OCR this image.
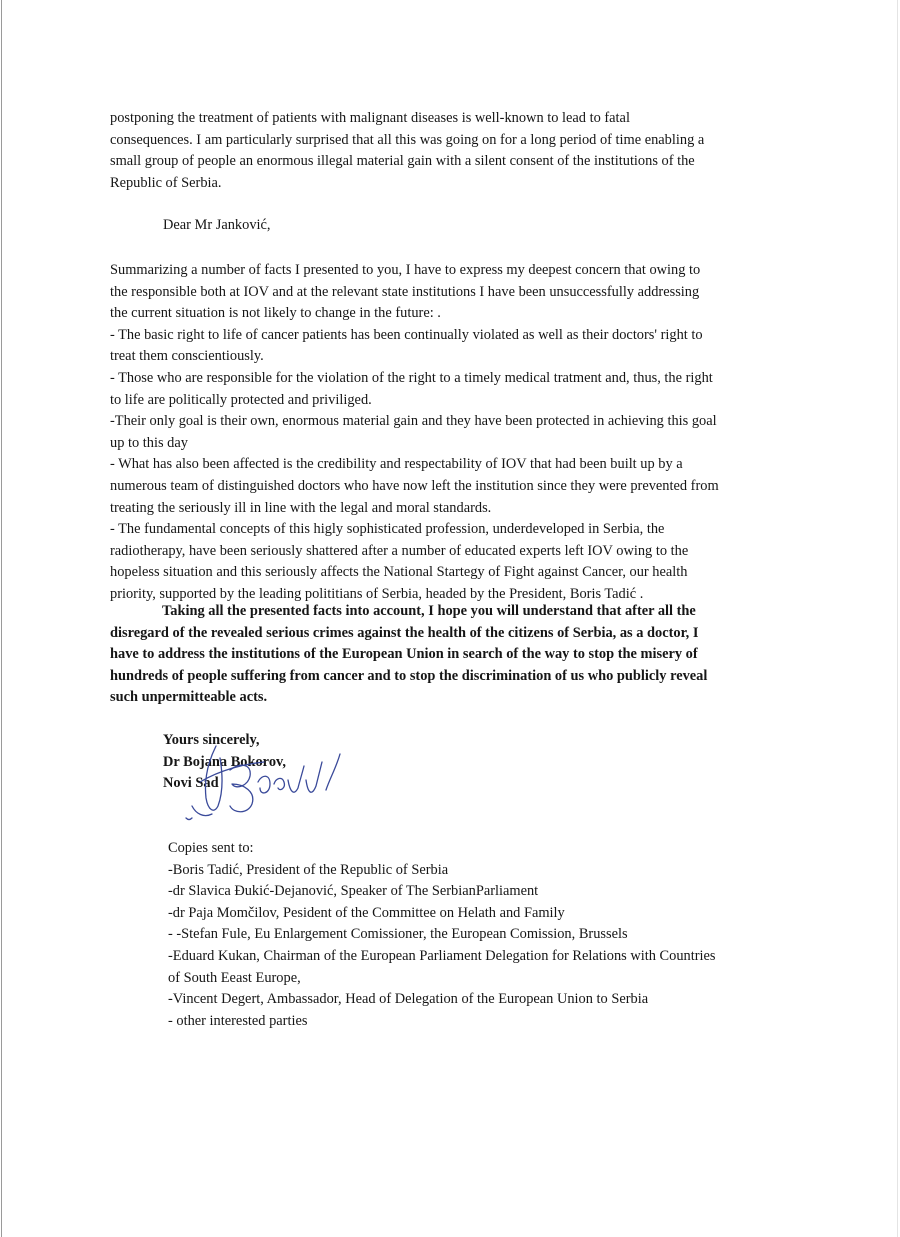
postponing the treatment of patients with malignant diseases is well-known to lead to fatal
consequences. I am particularly surprised that all this was going on for a long period of time enabling a
small group of people an enormous illegal material gain with a silent consent of the institutions of the
Republic of Serbia.
Dear Mr Janković,
Summarizing a number of facts I presented to you, I have to express my deepest concern that owing to
the responsible both at IOV and at the relevant state institutions I have been unsuccessfully addressing
the current situation is not likely to change in the future: .
- The basic right to life of cancer patients has been continually violated as well as their doctors' right to
treat them conscientiously.
- Those who are responsible for the violation of the right to a timely medical tratment and, thus, the right
to life are politically protected and priviliged.
-Their only goal is their own, enormous material gain and they have been protected in achieving this goal
up to this day
- What has also been affected is the credibility and respectability of IOV that had been built up by a
numerous team of distinguished doctors who have now left the institution since they were prevented from
treating the seriously ill in line with the legal and moral standards.
- The fundamental concepts of this higly sophisticated profession, underdeveloped in Serbia, the
radiotherapy, have been seriously shattered after a number of educated experts left IOV owing to the
hopeless situation and this seriously affects the National Startegy of Fight against Cancer, our health
priority, supported by the leading polititians of Serbia, headed by the President, Boris Tadić .
Taking all the presented facts into account, I hope you will understand that after all the
disregard of the revealed serious crimes against the health of the citizens of Serbia, as a doctor, I
have to address the institutions of the European Union in search of the way to stop the misery of
hundreds of people suffering from cancer and to stop the discrimination of us who publicly reveal
such unpermitteable acts.
Yours sincerely,
Dr Bojana Bokorov,
Novi Sad
Copies sent to:
-Boris Tadić, President of the Republic of Serbia
-dr Slavica Đukić-Dejanović, Speaker of The SerbianParliament
-dr Paja Momčilov, Pesident of the Committee on Helath and Family
- -Stefan Fule, Eu Enlargement Comissioner, the European Comission, Brussels
-Eduard Kukan, Chairman of the European Parliament Delegation for Relations with Countries
of South Eeast Europe,
-Vincent Degert, Ambassador, Head of Delegation of the European Union to Serbia
- other interested parties
